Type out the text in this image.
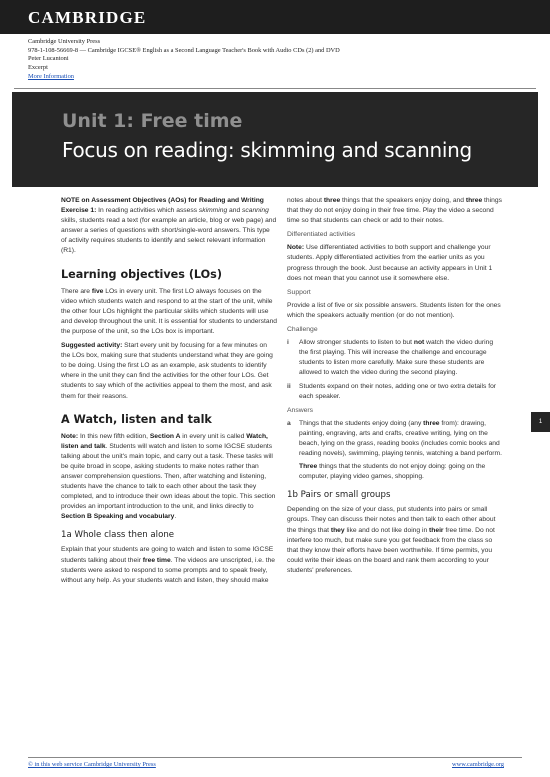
CAMBRIDGE
Cambridge University Press
978-1-108-56669-8 — Cambridge IGCSE® English as a Second Language Teacher's Book with Audio CDs (2) and DVD
Peter Lucantoni
Excerpt
More Information
Unit 1: Free time
Focus on reading: skimming and scanning

NOTE on Assessment Objectives (AOs) for Reading and Writing Exercise 1: In reading activities which assess skimming and scanning skills, students read a text (for example an article, blog or web page) and answer a series of questions with short/single-word answers. This type of activity requires students to identify and select relevant information (R1).

Learning objectives (LOs)

There are five LOs in every unit. The first LO always focuses on the video which students watch and respond to at the start of the unit, while the other four LOs highlight the particular skills which students will use and develop throughout the unit. It is essential for students to understand the purpose of the unit, so the LOs box is important.

Suggested activity: Start every unit by focusing for a few minutes on the LOs box, making sure that students understand what they are going to be doing. Using the first LO as an example, ask students to identify where in the unit they can find the activities for the other four LOs. Get students to say which of the activities appeal to them the most, and ask them for their reasons.

A Watch, listen and talk

Note: In this new fifth edition, Section A in every unit is called Watch, listen and talk. Students will watch and listen to some IGCSE students talking about the unit's main topic, and carry out a task. These tasks will be quite broad in scope, asking students to make notes rather than answer comprehension questions. Then, after watching and listening, students have the chance to talk to each other about the task they completed, and to introduce their own ideas about the topic. This section provides an important introduction to the unit, and links directly to Section B Speaking and vocabulary.

1a Whole class then alone

Explain that your students are going to watch and listen to some IGCSE students talking about their free time. The videos are unscripted, i.e. the students were asked to respond to some prompts and to speak freely, without any help. As your students watch and listen, they should make

notes about three things that the speakers enjoy doing, and three things that they do not enjoy doing in their free time. Play the video a second time so that students can check or add to their notes.

Differentiated activities

Note: Use differentiated activities to both support and challenge your students. Apply differentiated activities from the earlier units as you progress through the book. Just because an activity appears in Unit 1 does not mean that you cannot use it somewhere else.

Support

Provide a list of five or six possible answers. Students listen for the ones which the speakers actually mention (or do not mention).

Challenge
i	Allow stronger students to listen to but not watch the video during the first playing. This will increase the challenge and encourage students to listen more carefully. Make sure these students are allowed to watch the video during the second playing.
ii	Students expand on their notes, adding one or two extra details for each speaker.
Answers
a	Things that the students enjoy doing (any three from): drawing, painting, engraving, arts and crafts, creative writing, lying on the beach, lying on the grass, reading books (includes comic books and reading novels), swimming, playing tennis, watching a band perform.

Three things that the students do not enjoy doing: going on the computer, playing video games, shopping.

1b Pairs or small groups

Depending on the size of your class, put students into pairs or small groups. They can discuss their notes and then talk to each other about the things that they like and do not like doing in their free time. Do not interfere too much, but make sure you get feedback from the class so that they know their efforts have been worthwhile. If time permits, you could write their ideas on the board and rank them according to your students' preferences.

1
© in this web service Cambridge University Press	www.cambridge.org
